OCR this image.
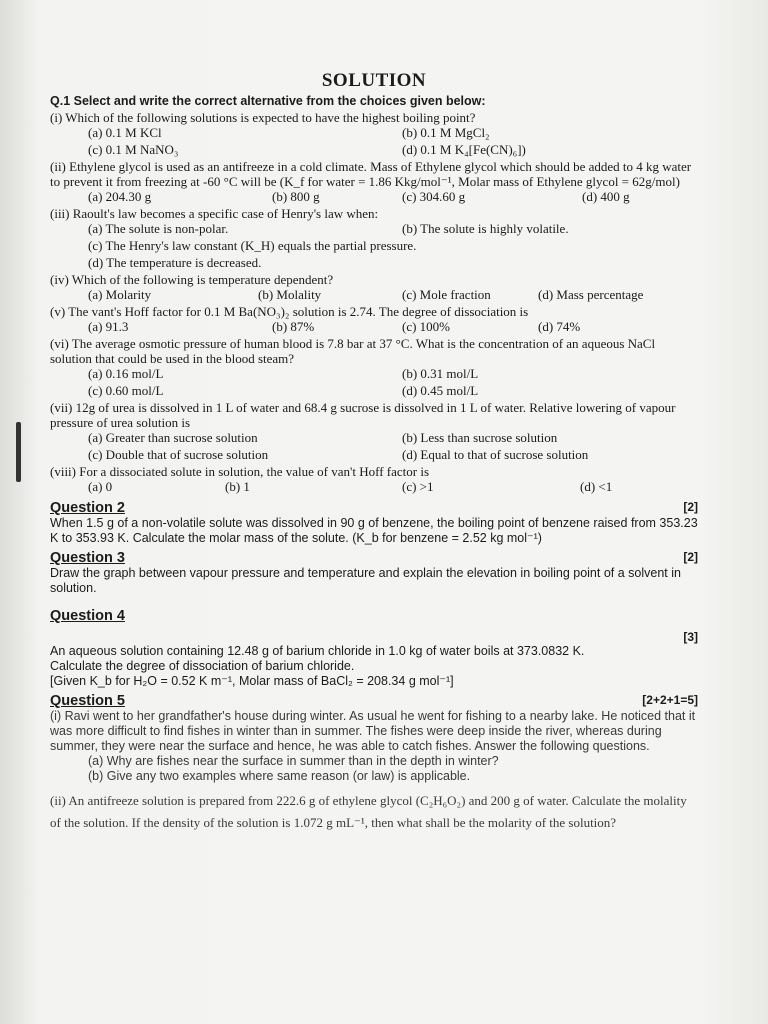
SOLUTION

Q.1 Select and write the correct alternative from the choices given below:

(i) Which of the following solutions is expected to have the highest boiling point?

(a) 0.1 M KCl	(b) 0.1 M MgCl₂
(c) 0.1 M NaNO₃	(d) 0.1 M K₄[Fe(CN)₆])

(ii) Ethylene glycol is used as an antifreeze in a cold climate. Mass of Ethylene glycol which should be added to 4 kg water to prevent it from freezing at -60 °C will be (K_f for water = 1.86 Kkg/mol⁻¹, Molar mass of Ethylene glycol = 62g/mol)

(a) 204.30 g	(b) 800 g	(c) 304.60 g	(d) 400 g

(iii) Raoult's law becomes a specific case of Henry's law when:

(a) The solute is non-polar.	(b) The solute is highly volatile.
(c) The Henry's law constant (K_H) equals the partial pressure.
(d) The temperature is decreased.

(iv) Which of the following is temperature dependent?

(a) Molarity	(b) Molality	(c) Mole fraction	(d) Mass percentage

(v) The vant's Hoff factor for 0.1 M Ba(NO₃)₂ solution is 2.74. The degree of dissociation is

(a) 91.3	(b) 87%	(c) 100%	(d) 74%

(vi) The average osmotic pressure of human blood is 7.8 bar at 37 °C. What is the concentration of an aqueous NaCl solution that could be used in the blood steam?

(a) 0.16 mol/L	(b) 0.31 mol/L
(c) 0.60 mol/L	(d) 0.45 mol/L

(vii) 12g of urea is dissolved in 1 L of water and 68.4 g sucrose is dissolved in 1 L of water. Relative lowering of vapour pressure of urea solution is

(a) Greater than sucrose solution	(b) Less than sucrose solution
(c) Double that of sucrose solution	(d) Equal to that of sucrose solution

(viii) For a dissociated solute in solution, the value of van't Hoff factor is

(a) 0	(b) 1	(c) >1	(d) <1
Question 2	[2]

When 1.5 g of a non-volatile solute was dissolved in 90 g of benzene, the boiling point of benzene raised from 353.23 K to 353.93 K. Calculate the molar mass of the solute. (K_b for benzene = 2.52 kg mol⁻¹)

Question 3	[2]

Draw the graph between vapour pressure and temperature and explain the elevation in boiling point of a solvent in solution.

Question 4
[3]

An aqueous solution containing 12.48 g of barium chloride in 1.0 kg of water boils at 373.0832 K.

Calculate the degree of dissociation of barium chloride.

[Given K_b for H₂O = 0.52 K m⁻¹, Molar mass of BaCl₂ = 208.34 g mol⁻¹]

Question 5	[2+2+1=5]

(i) Ravi went to her grandfather's house during winter. As usual he went for fishing to a nearby lake. He noticed that it was more difficult to find fishes in winter than in summer. The fishes were deep inside the river, whereas during summer, they were near the surface and hence, he was able to catch fishes. Answer the following questions.

(a) Why are fishes near the surface in summer than in the depth in winter?

(b) Give any two examples where same reason (or law) is applicable.

(ii) An antifreeze solution is prepared from 222.6 g of ethylene glycol (C₂H₆O₂) and 200 g of water. Calculate the molality of the solution. If the density of the solution is 1.072 g mL⁻¹, then what shall be the molarity of the solution?
